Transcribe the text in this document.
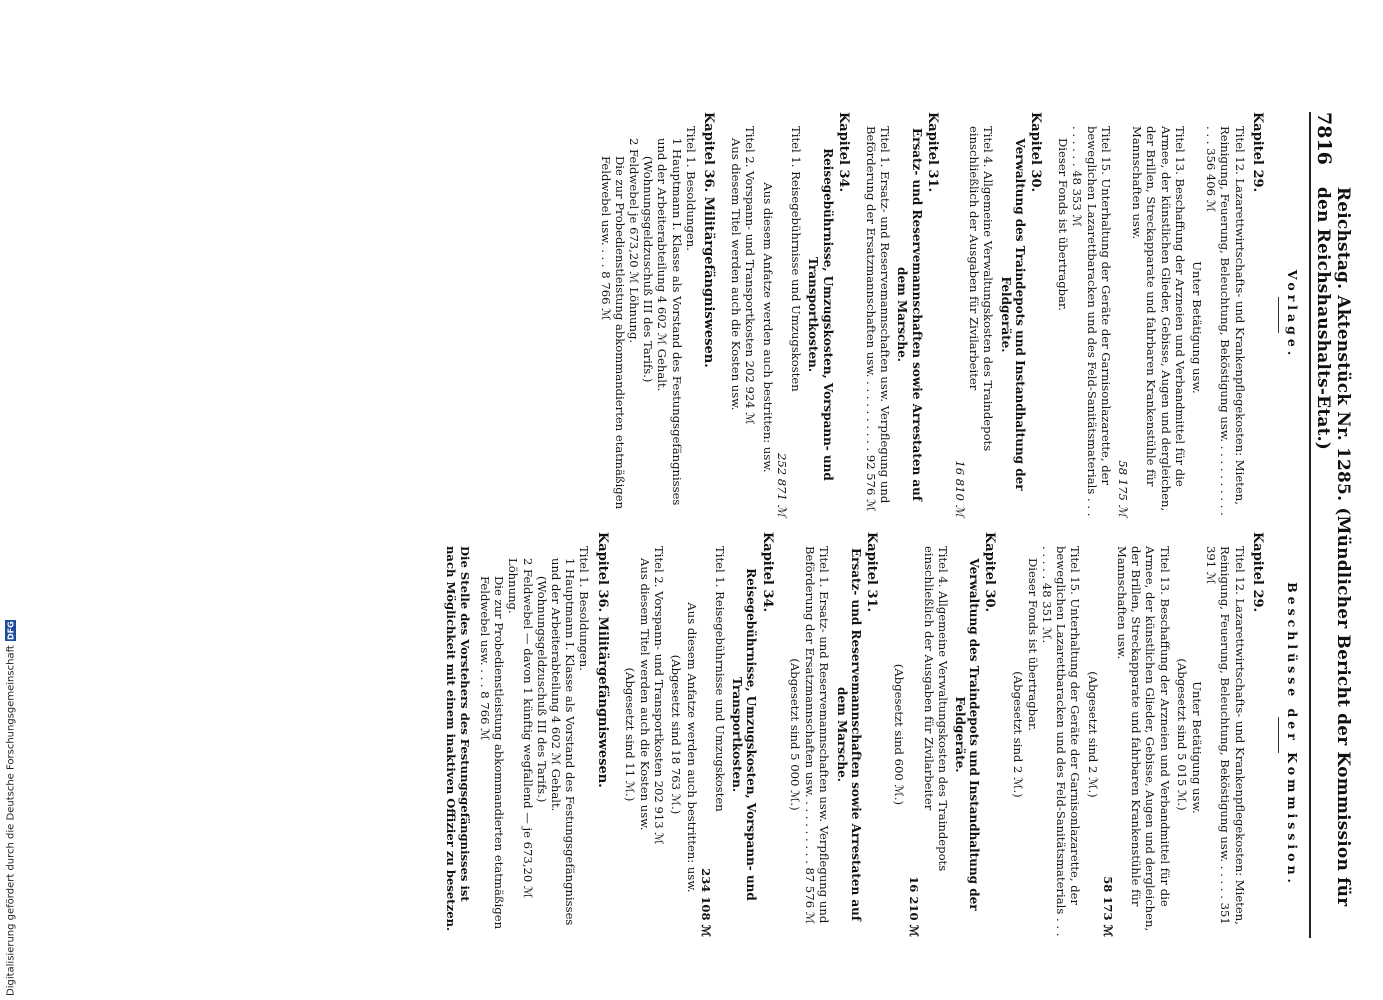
7816
Reichstag. Aktenstück Nr. 1285. (Mündlicher Bericht der Kommission für den Reichshaushalts-Etat.)
Vorlage.
Kapitel 29.
Titel 12. Lazarettwirtschafts- und Krankenpflegekosten: Mieten, Reinigung, Feuerung, Beleuchtung, Beköstigung usw. . . . . . . . . . . . . . 356 406 ℳ
Unter Betätigung usw.
Titel 13. Beschaffung der Arzneien und Verbandmittel für die Armee, der künstlichen Glieder, Gebisse, Augen und dergleichen, der Brillen, Streckapparate und fahrbaren Krankenstühle für Mannschaften usw.
58 175 ℳ
Titel 15. Unterhaltung der Geräte der Garnisonlazarette, der beweglichen Lazarettbaracken und des Feld-Sanitätsmaterials . . . . . . . . . 48 353 ℳ
Dieser Fonds ist übertragbar.
Kapitel 30.
Verwaltung des Traindepots und Instandhaltung der Feldgeräte.
Titel 4. Allgemeine Verwaltungskosten des Traindepots einschließlich der Ausgaben für Zivilarbeiter
16 810 ℳ
Kapitel 31.
Ersatz- und Reservemannschaften sowie Arrestaten auf dem Marsche.
Titel 1. Ersatz- und Reservemannschaften usw. Verpflegung und Beförderung der Ersatzmannschaften usw. . . . . . . . . . . 92 576 ℳ
Kapitel 34.
Reisegebührnisse, Umzugskosten, Vorspann- und Transportkosten.
Titel 1. Reisegebührnisse und Umzugskosten
252 871 ℳ
Aus diesem Anfatze werden auch bestritten: usw.
Titel 2. Vorspann- und Transportkosten 202 924 ℳ
Aus diesem Titel werden auch die Kosten usw.
Kapitel 36. Militärgefängniswesen.
Titel 1. Besoldungen.
1 Hauptmann I. Klasse als Vorstand des Festungsgefängnisses und der Arbeiterabteilung 4 602 ℳ Gehalt.
(Wohnungsgeldzuschuß III des Tarifs.)
2 Feldwebel je 673,20 ℳ Löhnung.
Die zur Probedienstleistung abkommandierten etatmäßigen Feldwebel usw. . . . 8 766 ℳ
Beschlüsse der Kommission.
Kapitel 29.
Titel 12. Lazarettwirtschafts- und Krankenpflegekosten: Mieten, Reinigung, Feuerung, Beleuchtung, Beköstigung usw. . . . . . 351 391 ℳ
Unter Betätigung usw.
(Abgesetzt sind 5 015 ℳ.)
Titel 13. Beschaffung der Arzneien und Verbandmittel für die Armee, der künstlichen Glieder, Gebisse, Augen und dergleichen, der Brillen, Streckapparate und fahrbaren Krankenstühle für Mannschaften usw.
58 173 ℳ
(Abgesetzt sind 2 ℳ.)
Titel 15. Unterhaltung der Geräte der Garnisonlazarette, der beweglichen Lazarettbaracken und des Feld-Sanitätsmaterials . . . . . . . . 48 351 ℳ.
Dieser Fonds ist übertragbar.
(Abgesetzt sind 2 ℳ.)
Kapitel 30.
Verwaltung des Traindepots und Instandhaltung der Feldgeräte.
Titel 4. Allgemeine Verwaltungskosten des Traindepots einschließlich der Ausgaben für Zivilarbeiter
16 210 ℳ
(Abgesetzt sind 600 ℳ.)
Kapitel 31.
Ersatz- und Reservemannschaften sowie Arrestaten auf dem Marsche.
Titel 1. Ersatz- und Reservemannschaften usw. Verpflegung und Beförderung der Ersatzmannschaften usw. . . . . . . . . . 87 576 ℳ
(Abgesetzt sind 5 000 ℳ.)
Kapitel 34.
Reisegebührnisse, Umzugskosten, Vorspann- und Transportkosten.
Titel 1. Reisegebührnisse und Umzugskosten
234 108 ℳ
Aus diesem Anfatze werden auch bestritten: usw.
(Abgesetzt sind 18 763 ℳ.)
Titel 2. Vorspann- und Transportkosten 202 913 ℳ
Aus diesem Titel werden auch die Kosten usw.
(Abgesetzt sind 11 ℳ.)
Kapitel 36. Militärgefängniswesen.
Titel 1. Besoldungen.
1 Hauptmann I. Klasse als Vorstand des Festungsgefängnisses und der Arbeiterabteilung 4 602 ℳ Gehalt.
(Wohnungsgeldzuschuß III des Tarifs.)
2 Feldwebel — davon 1 künftig wegfallend — je 673,20 ℳ Löhnung.
Die zur Probedienstleistung abkommandierten etatmäßigen Feldwebel usw. . . . 8 766 ℳ
Die Stelle des Vorstehers des Festungsgefängnisses ist nach Möglichkeit mit einem inaktiven Offizier zu besetzen.
Digitalisierung gefördert durch die Deutsche Forschungsgemeinschaft
DFG
